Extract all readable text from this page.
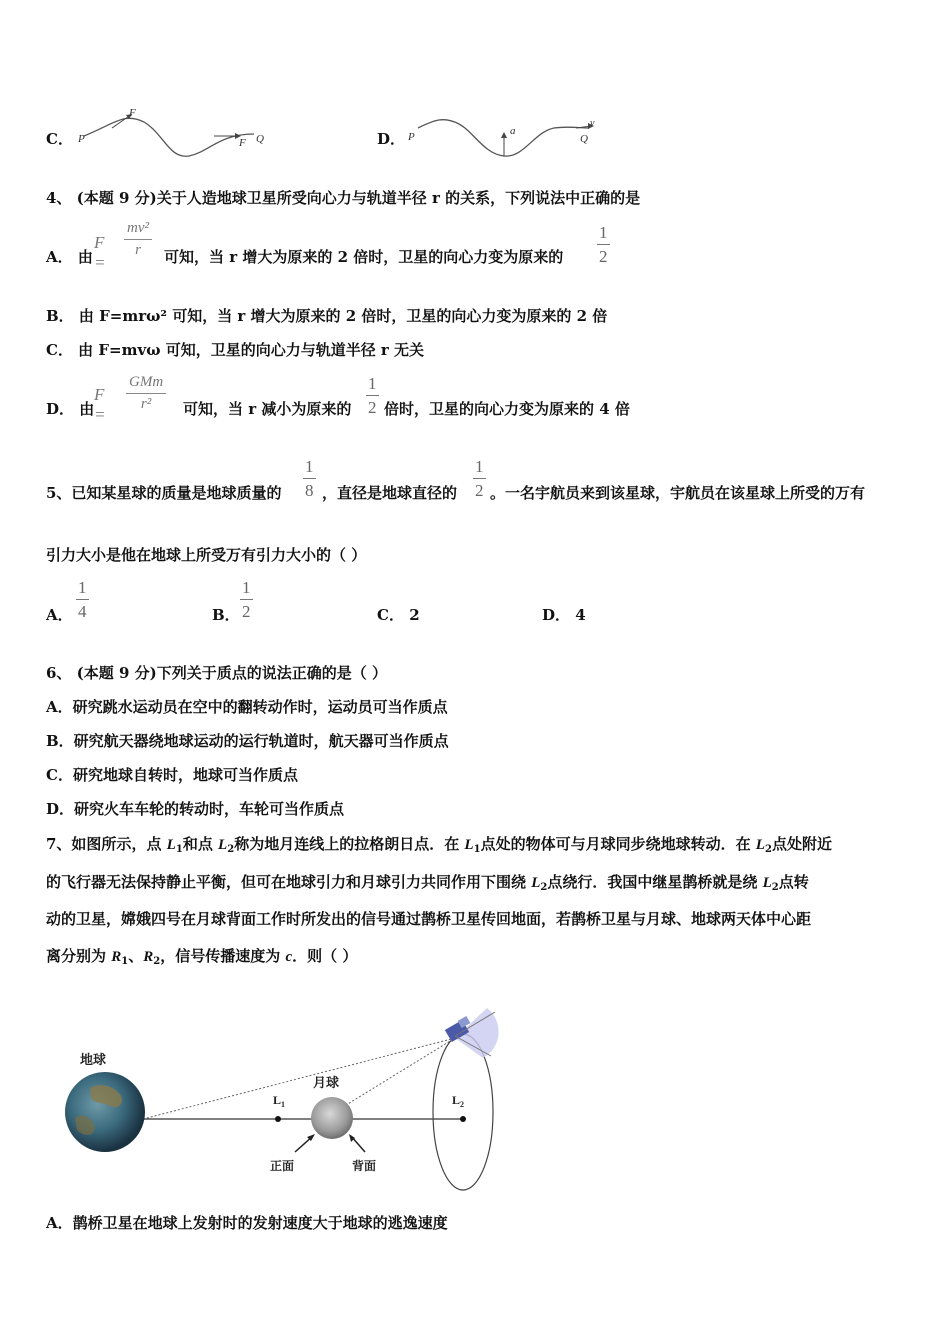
C． P
F
F Q	D． P	a
v
Q
4、 (本题 9 分)关于人造地球卫星所受向心力与轨道半径 r 的关系，下列说法中正确的是
A． 由
F =
$\frac{\text{mv²}}{r}$ 可知，当 r 增大为原来的 2 倍时，卫星的向心力变为原来的 $\frac{1}{2}$
B． 由 F=mrω² 可知，当 r 增大为原来的 2 倍时，卫星的向心力变为原来的 2 倍
C． 由 F=mvω 可知，卫星的向心力与轨道半径 r 无关
D． 由
F =
GMm
r²	可知，当 r 减小为原来的 $\frac{1}{2}$ 倍时，卫星的向心力变为原来的 4 倍
5、已知某星球的质量是地球质量的 $\frac{1}{8}$ ，直径是地球直径的 $\frac{1}{2}$ 。一名宇航员来到该星球，宇航员在该星球上所受的万有
引力大小是他在地球上所受万有引力大小的（ ）
A． $\frac{1}{4}$	B． $\frac{1}{2}$	C． 2	D． 4
6、 (本题 9 分)下列关于质点的说法正确的是（ ）
A．研究跳水运动员在空中的翻转动作时，运动员可当作质点
B．研究航天器绕地球运动的运行轨道时，航天器可当作质点
C．研究地球自转时，地球可当作质点
D．研究火车车轮的转动时，车轮可当作质点
7、如图所示，点 $L_1$和点 $L_2$称为地月连线上的拉格朗日点．在 $L_1$点处的物体可与月球同步绕地球转动．在 $L_2$点处附近
的飞行器无法保持静止平衡，但可在地球引力和月球引力共同作用下围绕 $L_2$点绕行．我国中继星鹊桥就是绕 $L_2$点转
动的卫星，嫦娥四号在月球背面工作时所发出的信号通过鹊桥卫星传回地面，若鹊桥卫星与月球、地球两天体中心距
离分别为 $R_1$、$R_2$，信号传播速度为 c．则（ ）
地球
$L_1$
月球
$L_2$
正面	背面
A．鹊桥卫星在地球上发射时的发射速度大于地球的逃逸速度
